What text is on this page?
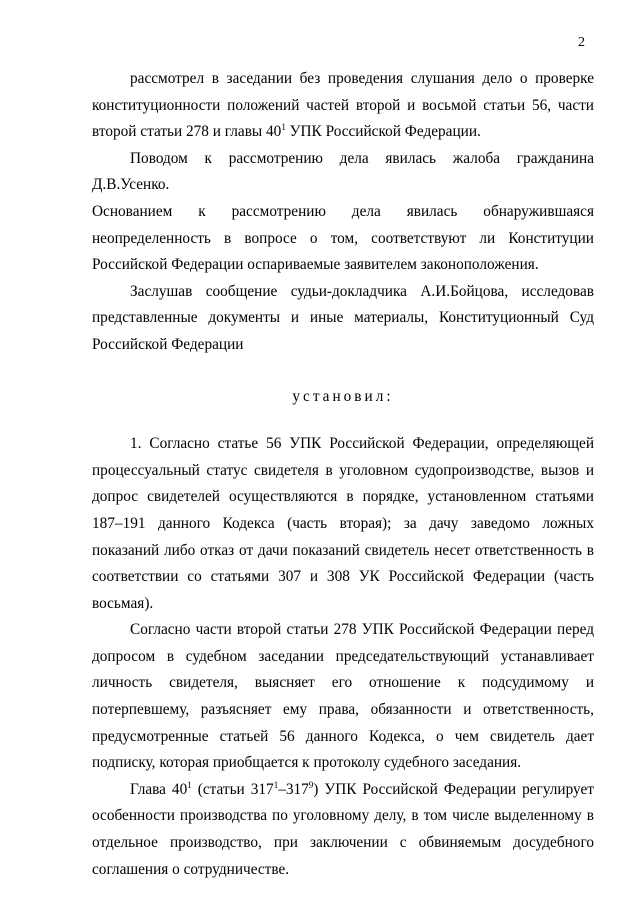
2

рассмотрел в заседании без проведения слушания дело о проверке конституционности положений частей второй и восьмой статьи 56, части второй статьи 278 и главы $40^1$ УПК Российской Федерации.

Поводом к рассмотрению дела явилась жалоба гражданина Д.В.Усенко.

Основанием к рассмотрению дела явилась обнаружившаяся неопределенность в вопросе о том, соответствуют ли Конституции Российской Федерации оспариваемые заявителем законоположения.

Заслушав сообщение судьи-докладчика А.И.Бойцова, исследовав представленные документы и иные материалы, Конституционный Суд Российской Федерации

установил:

1. Согласно статье 56 УПК Российской Федерации, определяющей процессуальный статус свидетеля в уголовном судопроизводстве, вызов и допрос свидетелей осуществляются в порядке, установленном статьями 187–191 данного Кодекса (часть вторая); за дачу заведомо ложных показаний либо отказ от дачи показаний свидетель несет ответственность в соответствии со статьями 307 и 308 УК Российской Федерации (часть восьмая).

Согласно части второй статьи 278 УПК Российской Федерации перед допросом в судебном заседании председательствующий устанавливает личность свидетеля, выясняет его отношение к подсудимому и потерпевшему, разъясняет ему права, обязанности и ответственность, предусмотренные статьей 56 данного Кодекса, о чем свидетель дает подписку, которая приобщается к протоколу судебного заседания.

Глава $40^1$ (статьи $317^1-317^9$) УПК Российской Федерации регулирует особенности производства по уголовному делу, в том числе выделенному в отдельное производство, при заключении с обвиняемым досудебного соглашения о сотрудничестве.
